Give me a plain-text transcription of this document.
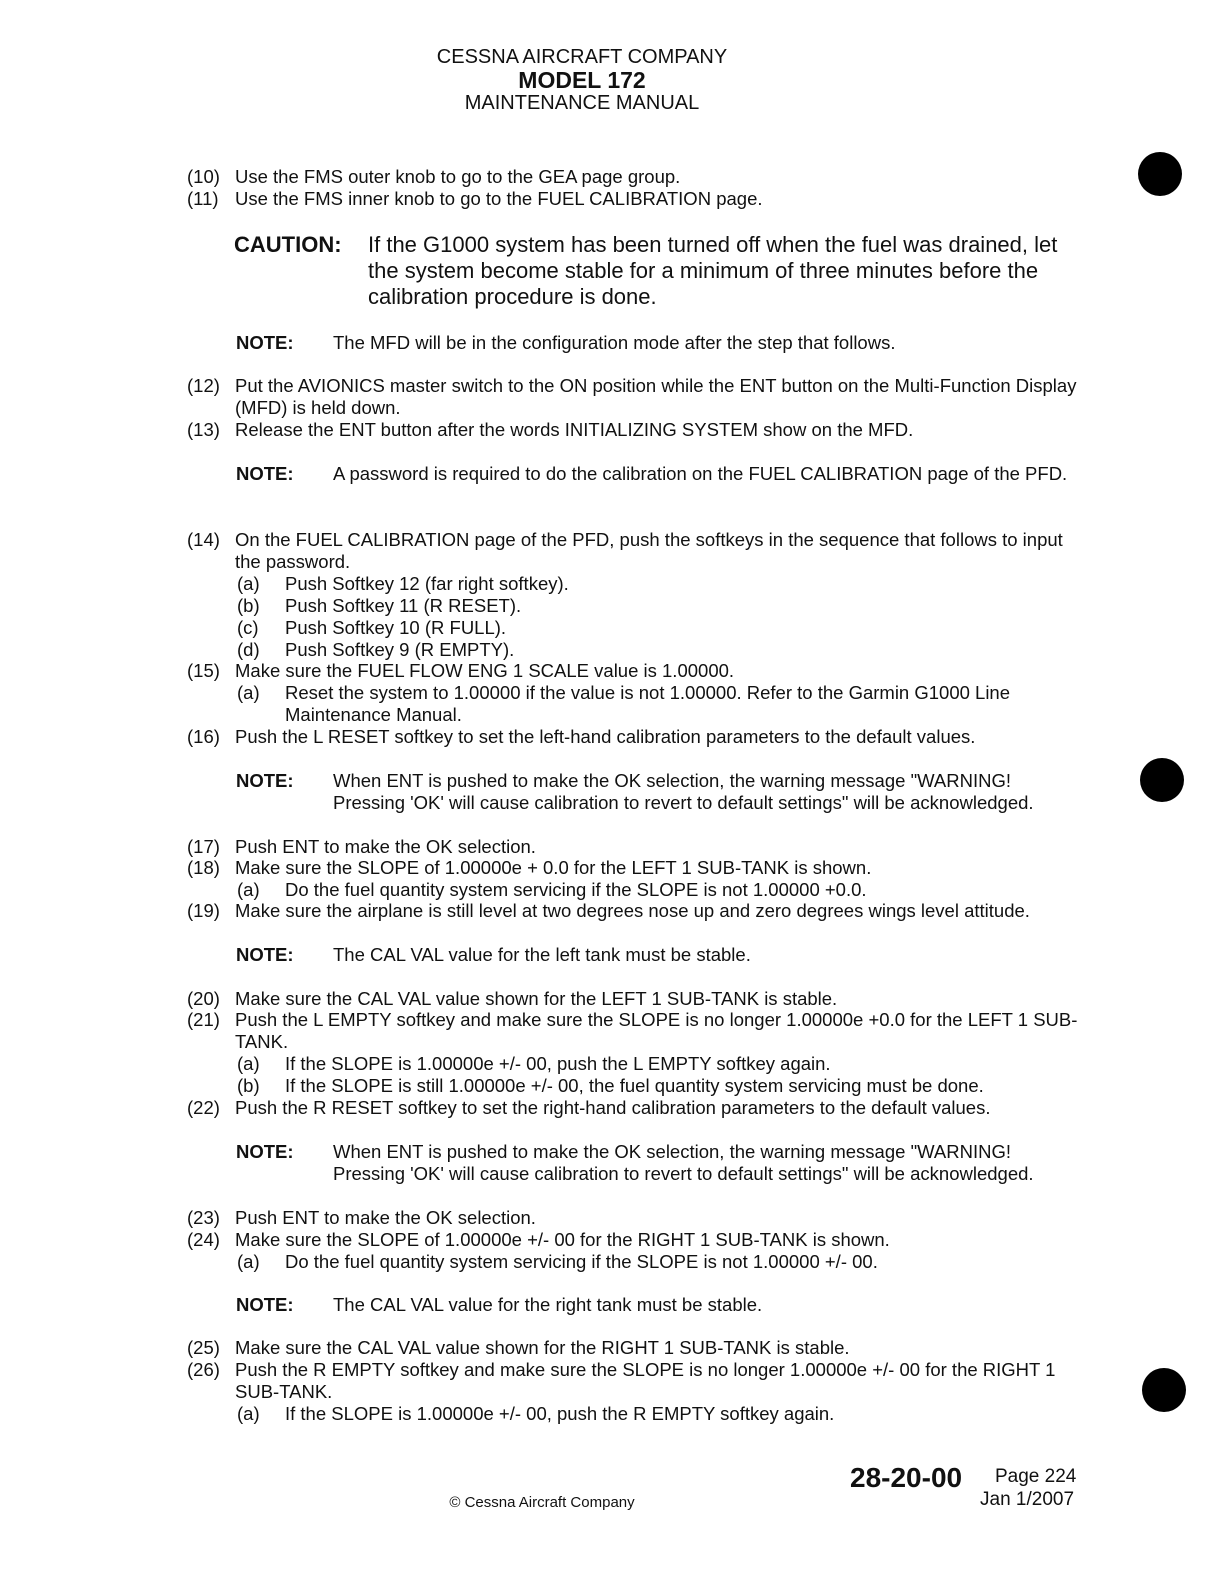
CESSNA AIRCRAFT COMPANY
MODEL 172
MAINTENANCE MANUAL
(10) Use the FMS outer knob to go to the GEA page group.
(11) Use the FMS inner knob to go to the FUEL CALIBRATION page.
CAUTION: If the G1000 system has been turned off when the fuel was drained, let the system become stable for a minimum of three minutes before the calibration procedure is done.
NOTE: The MFD will be in the configuration mode after the step that follows.
(12) Put the AVIONICS master switch to the ON position while the ENT button on the Multi-Function Display (MFD) is held down.
(13) Release the ENT button after the words INITIALIZING SYSTEM show on the MFD.
NOTE: A password is required to do the calibration on the FUEL CALIBRATION page of the PFD.
(14) On the FUEL CALIBRATION page of the PFD, push the softkeys in the sequence that follows to input the password.
(a) Push Softkey 12 (far right softkey).
(b) Push Softkey 11 (R RESET).
(c) Push Softkey 10 (R FULL).
(d) Push Softkey 9 (R EMPTY).
(15) Make sure the FUEL FLOW ENG 1 SCALE value is 1.00000.
(a) Reset the system to 1.00000 if the value is not 1.00000. Refer to the Garmin G1000 Line Maintenance Manual.
(16) Push the L RESET softkey to set the left-hand calibration parameters to the default values.
NOTE: When ENT is pushed to make the OK selection, the warning message "WARNING! Pressing 'OK' will cause calibration to revert to default settings" will be acknowledged.
(17) Push ENT to make the OK selection.
(18) Make sure the SLOPE of 1.00000e + 0.0 for the LEFT 1 SUB-TANK is shown.
(a) Do the fuel quantity system servicing if the SLOPE is not 1.00000 +0.0.
(19) Make sure the airplane is still level at two degrees nose up and zero degrees wings level attitude.
NOTE: The CAL VAL value for the left tank must be stable.
(20) Make sure the CAL VAL value shown for the LEFT 1 SUB-TANK is stable.
(21) Push the L EMPTY softkey and make sure the SLOPE is no longer 1.00000e +0.0 for the LEFT 1 SUB-TANK.
(a) If the SLOPE is 1.00000e +/- 00, push the L EMPTY softkey again.
(b) If the SLOPE is still 1.00000e +/- 00, the fuel quantity system servicing must be done.
(22) Push the R RESET softkey to set the right-hand calibration parameters to the default values.
NOTE: When ENT is pushed to make the OK selection, the warning message "WARNING! Pressing 'OK' will cause calibration to revert to default settings" will be acknowledged.
(23) Push ENT to make the OK selection.
(24) Make sure the SLOPE of 1.00000e +/- 00 for the RIGHT 1 SUB-TANK is shown.
(a) Do the fuel quantity system servicing if the SLOPE is not 1.00000 +/- 00.
NOTE: The CAL VAL value for the right tank must be stable.
(25) Make sure the CAL VAL value shown for the RIGHT 1 SUB-TANK is stable.
(26) Push the R EMPTY softkey and make sure the SLOPE is no longer 1.00000e +/- 00 for the RIGHT 1 SUB-TANK.
(a) If the SLOPE is 1.00000e +/- 00, push the R EMPTY softkey again.
28-20-00 Page 224
Jan 1/2007
© Cessna Aircraft Company
